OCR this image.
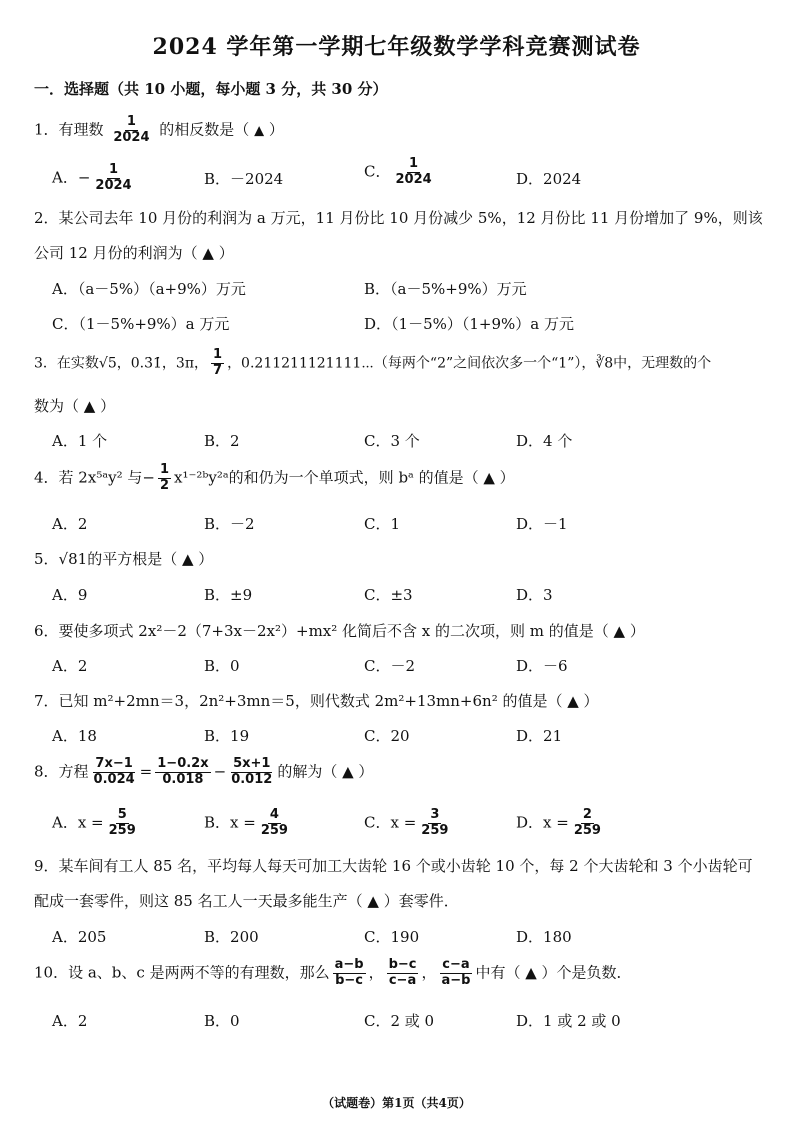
2024 学年第一学期七年级数学学科竞赛测试卷
一．选择题（共 10 小题，每小题 3 分，共 30 分）
1．有理数 $\frac{1}{2024}$ 的相反数是（ ▲ ）
A．− $\frac{1}{2024}$	B．－2024	C． $\frac{1}{2024}$	D．2024
2．某公司去年 10 月份的利润为 a 万元，11 月份比 10 月份减少 5%，12 月份比 11 月份增加了 9%，则该
公司 12 月份的利润为（ ▲ ）
A．（a－5%）（a+9%）万元	B．（a－5%+9%）万元
C．（1－5%+9%）a 万元	D．（1－5%）（1+9%）a 万元
3．在实数√5，0.3̇1̇，3π， $\frac{1}{7}$ ，0.211211121111⋯（每两个“2”之间依次多一个“1”），∛8中，无理数的个
数为（ ▲ ）
A．1 个	B．2	C．3 个	D．4 个
4．若 2x⁵ᵃy² 与− $\frac{1}{2}$ x¹⁻²ᵇy²ᵃ的和仍为一个单项式，则 bᵃ 的值是（ ▲ ）
A．2	B．－2	C．1	D．－1
5．√81的平方根是（ ▲ ）
A．9	B．±9	C．±3	D．3
6．要使多项式 2x²－2（7+3x－2x²）+mx² 化简后不含 x 的二次项，则 m 的值是（ ▲ ）
A．2	B．0	C．－2	D．－6
7．已知 m²+2mn＝3，2n²+3mn＝5，则代数式 2m²+13mn+6n² 的值是（ ▲ ）
A．18	B．19	C．20	D．21
8．方程 $\frac{7x-1}{0.024} = \frac{1-0.2x}{0.018} - \frac{5x+1}{0.012}$ 的解为（ ▲ ）
A．$x = \frac{5}{259}$	B．$x = \frac{4}{259}$	C．$x = \frac{3}{259}$	D．$x = \frac{2}{259}$
9．某车间有工人 85 名，平均每人每天可加工大齿轮 16 个或小齿轮 10 个，每 2 个大齿轮和 3 个小齿轮可
配成一套零件，则这 85 名工人一天最多能生产（ ▲ ）套零件．
A．205	B．200	C．190	D．180
10．设 a、b、c 是两两不等的有理数，那么 $\frac{a-b}{b-c}$ ， $\frac{b-c}{c-a}$ ， $\frac{c-a}{a-b}$ 中有（ ▲ ）个是负数．
A．2	B．0	C．2 或 0	D．1 或 2 或 0
（试题卷）第1页（共4页）
